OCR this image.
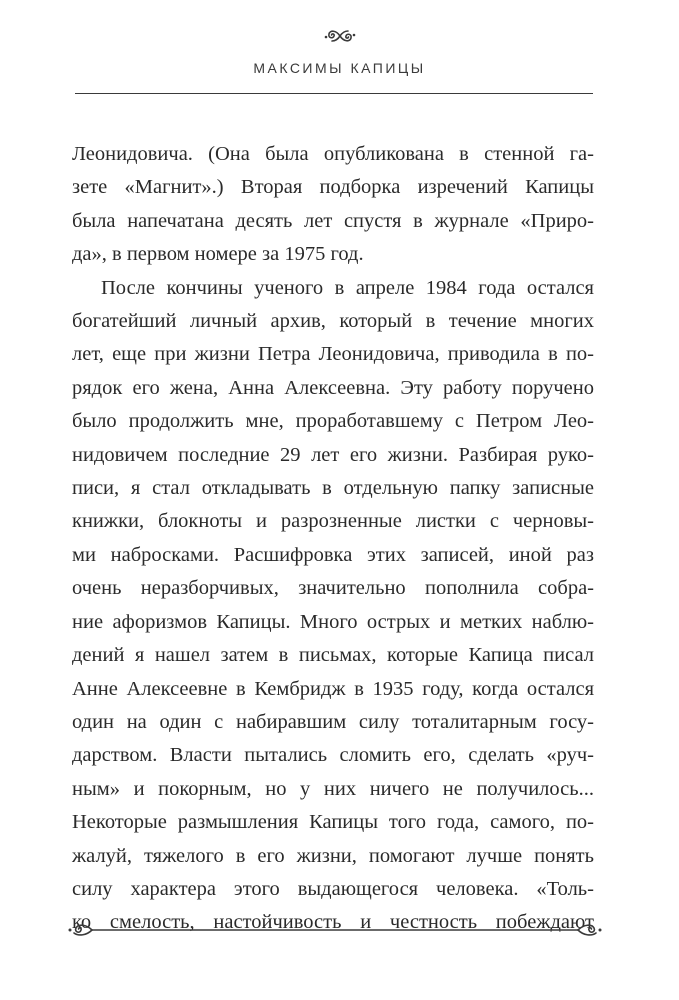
МАКСИМЫ КАПИЦЫ
Леонидовича. (Она была опубликована в стенной га-
зете «Магнит».) Вторая подборка изречений Капицы
была напечатана десять лет спустя в журнале «Приро-
да», в первом номере за 1975 год.
После кончины ученого в апреле 1984 года остался
богатейший личный архив, который в течение многих
лет, еще при жизни Петра Леонидовича, приводила в по-
рядок его жена, Анна Алексеевна. Эту работу поручено
было продолжить мне, проработавшему с Петром Лео-
нидовичем последние 29 лет его жизни. Разбирая руко-
писи, я стал откладывать в отдельную папку записные
книжки, блокноты и разрозненные листки с черновы-
ми набросками. Расшифровка этих записей, иной раз
очень неразборчивых, значительно пополнила собра-
ние афоризмов Капицы. Много острых и метких наблю-
дений я нашел затем в письмах, которые Капица писал
Анне Алексеевне в Кембридж в 1935 году, когда остался
один на один с набиравшим силу тоталитарным госу-
дарством. Власти пытались сломить его, сделать «руч-
ным» и покорным, но у них ничего не получилось...
Некоторые размышления Капицы того года, самого, по-
жалуй, тяжелого в его жизни, помогают лучше понять
силу характера этого выдающегося человека. «Толь-
ко смелость, настойчивость и честность побеждают
